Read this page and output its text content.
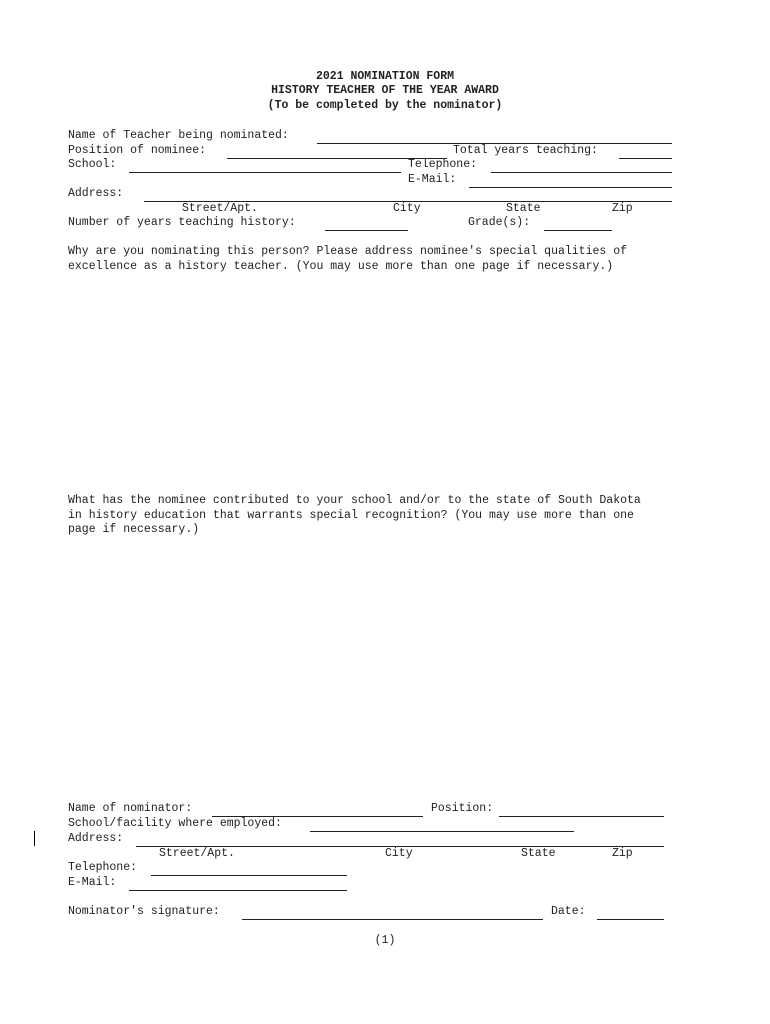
2021 NOMINATION FORM
HISTORY TEACHER OF THE YEAR AWARD
(To be completed by the nominator)
Name of Teacher being nominated:
Position of nominee:	Total years teaching:
School:	Telephone:
E-Mail:
Address:
Street/Apt.	City	State	Zip
Number of years teaching history:	Grade(s):
Why are you nominating this person? Please address nominee's special qualities of
excellence as a history teacher. (You may use more than one page if necessary.)
What has the nominee contributed to your school and/or to the state of South Dakota
in history education that warrants special recognition? (You may use more than one
page if necessary.)
Name of nominator:	Position:
School/facility where employed:
Address:
Street/Apt.	City	State	Zip
Telephone:
E-Mail:
Nominator's signature:	Date:
(1)
